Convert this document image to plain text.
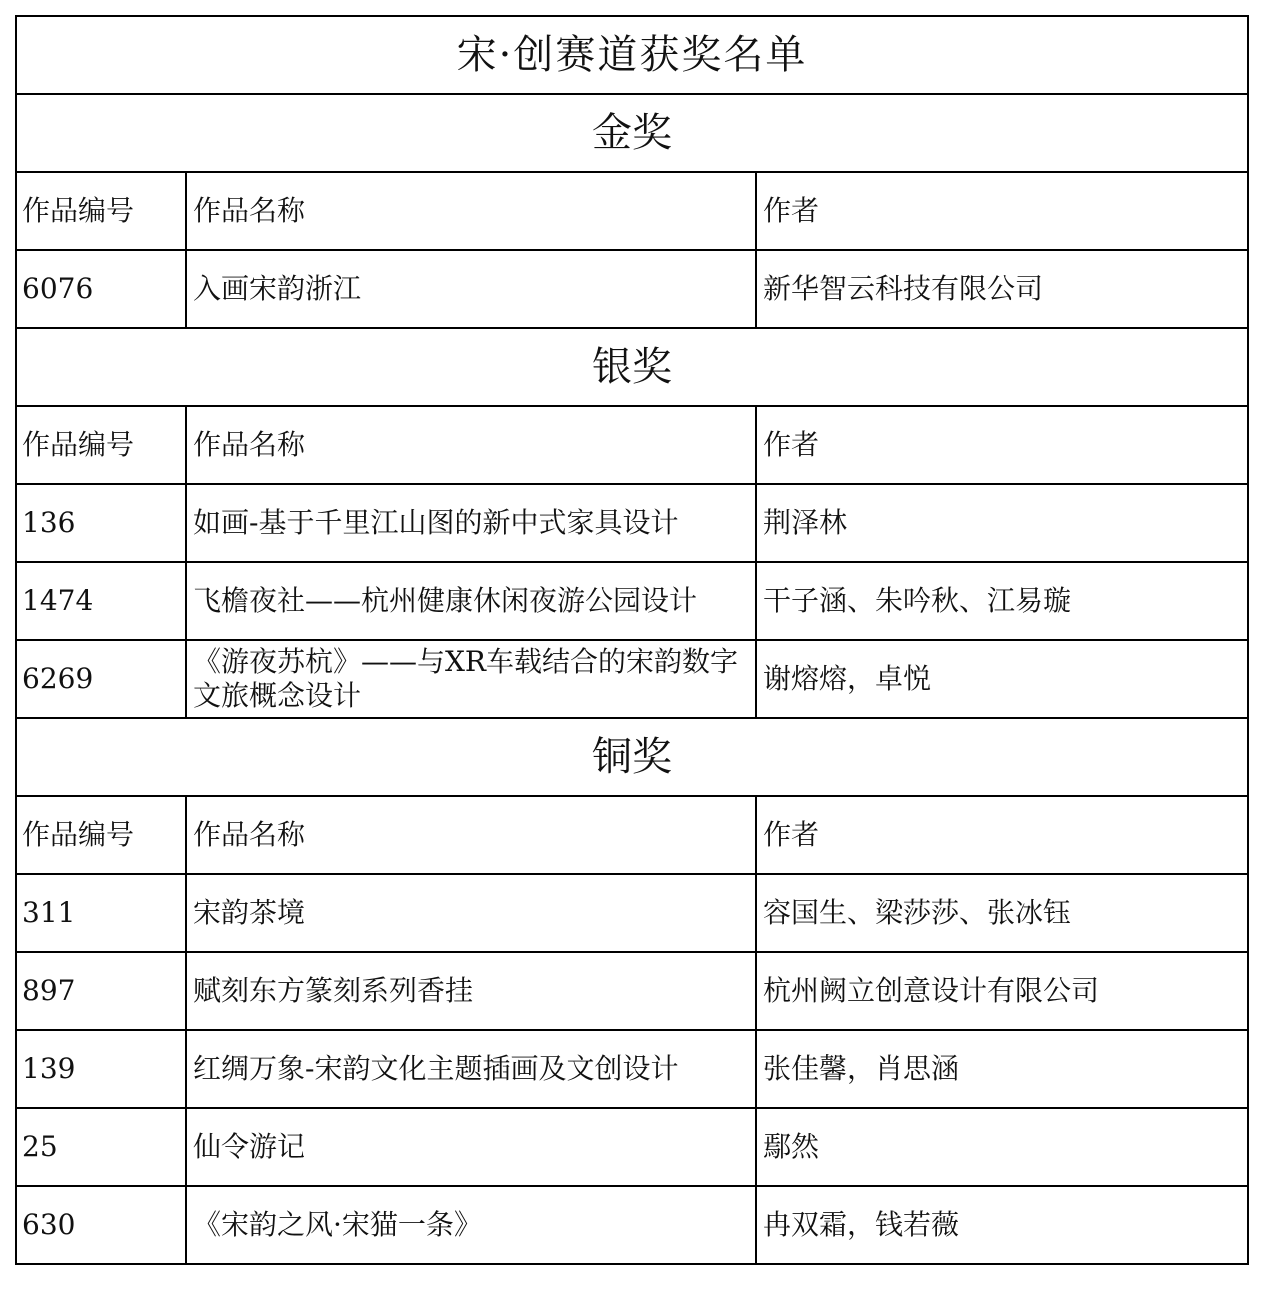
宋·创赛道获奖名单		
金奖		
作品编号	作品名称	作者
6076	入画宋韵浙江	新华智云科技有限公司
银奖		
作品编号	作品名称	作者
136	如画-基于千里江山图的新中式家具设计	荆泽林
1474	飞檐夜社——杭州健康休闲夜游公园设计	干子涵、朱吟秋、江易璇
6269	《游夜苏杭》——与XR车载结合的宋韵数字文旅概念设计	谢熔熔，卓悦
铜奖		
作品编号	作品名称	作者
311	宋韵茶境	容国生、梁莎莎、张冰钰
897	赋刻东方篆刻系列香挂	杭州阙立创意设计有限公司
139	红绸万象-宋韵文化主题插画及文创设计	张佳馨，肖思涵
25	仙令游记	鄢然
630	《宋韵之风·宋猫一条》	冉双霜，钱若薇
